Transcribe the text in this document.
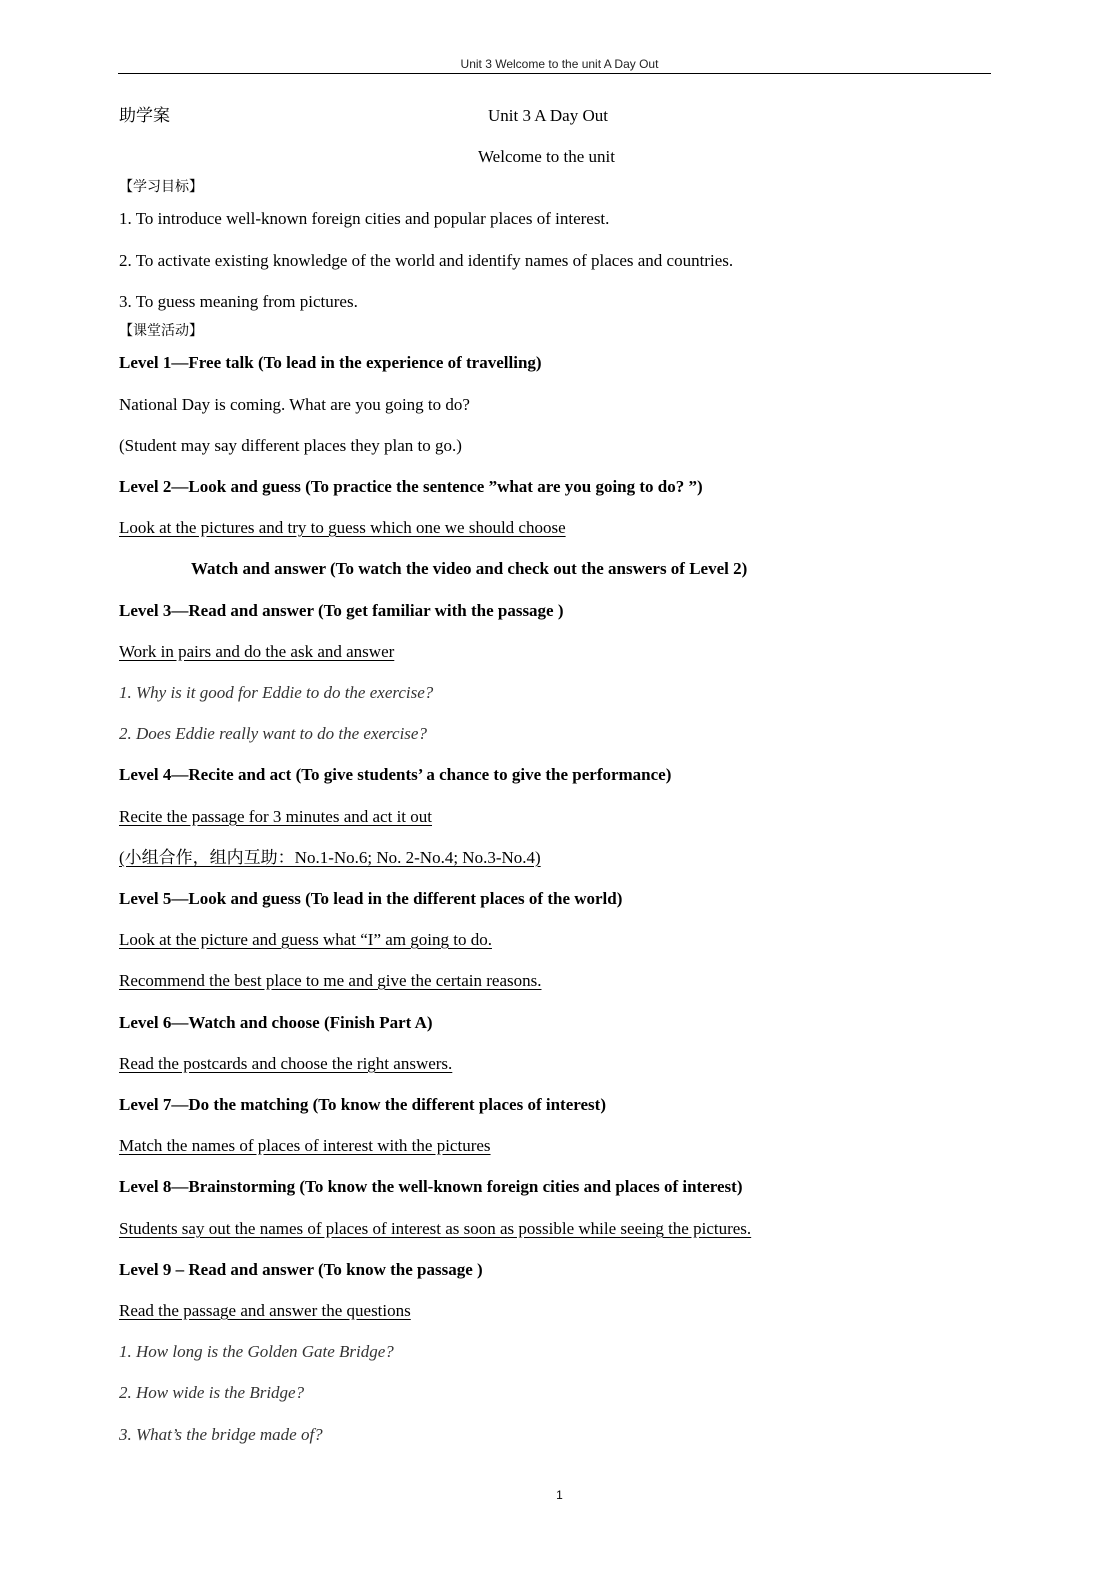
Unit 3 Welcome to the unit A Day Out
助学案	Unit 3 A Day Out
Welcome to the unit
【学习目标】
1. To introduce well-known foreign cities and popular places of interest.
2. To activate existing knowledge of the world and identify names of places and countries.
3. To guess meaning from pictures.
【课堂活动】
Level 1—Free talk (To lead in the experience of travelling)
National Day is coming. What are you going to do?
(Student may say different places they plan to go.)
Level 2—Look and guess (To practice the sentence ”what are you going to do? ”)
Look at the pictures and try to guess which one we should choose
Watch and answer (To watch the video and check out the answers of Level 2)
Level 3—Read and answer (To get familiar with the passage )
Work in pairs and do the ask and answer
1. Why is it good for Eddie to do the exercise?
2. Does Eddie really want to do the exercise?
Level 4—Recite and act (To give students’ a chance to give the performance)
Recite the passage for 3 minutes and act it out
(小组合作，组内互助：No.1-No.6; No. 2-No.4; No.3-No.4)
Level 5—Look and guess (To lead in the different places of the world)
Look at the picture and guess what “I” am going to do.
Recommend the best place to me and give the certain reasons.
Level 6—Watch and choose (Finish Part A)
Read the postcards and choose the right answers.
Level 7—Do the matching (To know the different places of interest)
Match the names of places of interest with the pictures
Level 8—Brainstorming (To know the well-known foreign cities and places of interest)
Students say out the names of places of interest as soon as possible while seeing the pictures.
Level 9 – Read and answer (To know the passage )
Read the passage and answer the questions
1. How long is the Golden Gate Bridge?
2. How wide is the Bridge?
3. What’s the bridge made of?
1
